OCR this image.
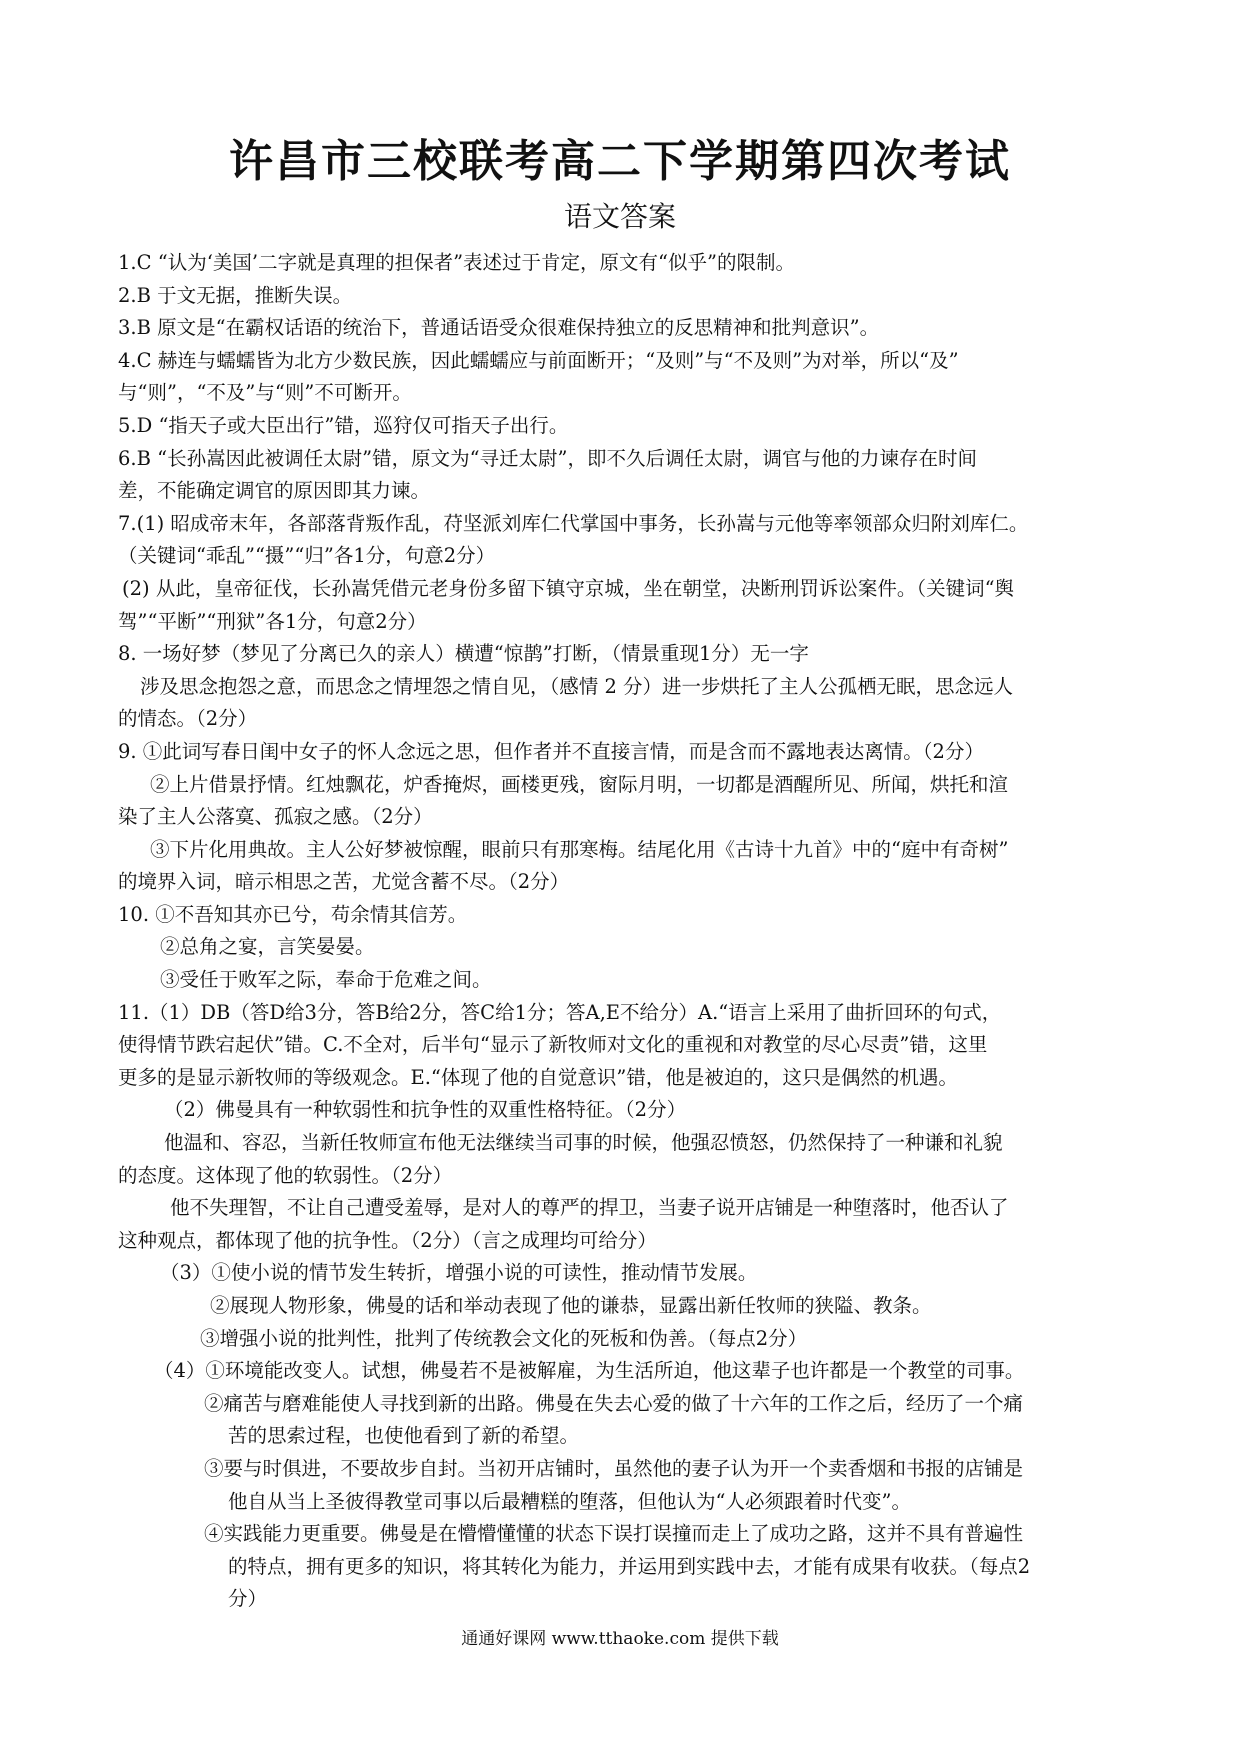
许昌市三校联考高二下学期第四次考试
语文答案
1.C “认为‘美国’二字就是真理的担保者”表述过于肯定，原文有“似乎”的限制。
2.B 于文无据，推断失误。
3.B 原文是“在霸权话语的统治下，普通话语受众很难保持独立的反思精神和批判意识”。
4.C 赫连与蠕蠕皆为北方少数民族，因此蠕蠕应与前面断开；“及则”与“不及则”为对举，所以“及”
与“则”，“不及”与“则”不可断开。
5.D “指天子或大臣出行”错，巡狩仅可指天子出行。
6.B “长孙嵩因此被调任太尉”错，原文为“寻迁太尉”，即不久后调任太尉，调官与他的力谏存在时间
差，不能确定调官的原因即其力谏。
7.(1) 昭成帝末年，各部落背叛作乱，苻坚派刘库仁代掌国中事务，长孙嵩与元他等率领部众归附刘库仁。
（关键词“乖乱”“摄”“归”各1分，句意2分）
(2) 从此，皇帝征伐，长孙嵩凭借元老身份多留下镇守京城，坐在朝堂，决断刑罚诉讼案件。（关键词“舆
驾”“平断”“刑狱”各1分，句意2分）
8. 一场好梦（梦见了分离已久的亲人）横遭“惊鹊”打断，（情景重现1分）无一字
涉及思念抱怨之意，而思念之情埋怨之情自见，（感情 2 分）进一步烘托了主人公孤栖无眠，思念远人
的情态。（2分）
9. ①此词写春日闺中女子的怀人念远之思，但作者并不直接言情，而是含而不露地表达离情。（2分）
②上片借景抒情。红烛飘花，炉香掩烬，画楼更残，窗际月明，一切都是酒醒所见、所闻，烘托和渲
染了主人公落寞、孤寂之感。（2分）
③下片化用典故。主人公好梦被惊醒，眼前只有那寒梅。结尾化用《古诗十九首》中的“庭中有奇树”
的境界入词，暗示相思之苦，尤觉含蓄不尽。（2分）
10. ①不吾知其亦已兮，苟余情其信芳。
②总角之宴，言笑晏晏。
③受任于败军之际，奉命于危难之间。
11.（1）DB（答D给3分，答B给2分，答C给1分；答A,E不给分）A.“语言上采用了曲折回环的句式，
使得情节跌宕起伏”错。C.不全对，后半句“显示了新牧师对文化的重视和对教堂的尽心尽责”错，这里
更多的是显示新牧师的等级观念。E.“体现了他的自觉意识”错，他是被迫的，这只是偶然的机遇。
（2）佛曼具有一种软弱性和抗争性的双重性格特征。（2分）
他温和、容忍，当新任牧师宣布他无法继续当司事的时候，他强忍愤怒，仍然保持了一种谦和礼貌
的态度。这体现了他的软弱性。（2分）
他不失理智，不让自己遭受羞辱，是对人的尊严的捍卫，当妻子说开店铺是一种堕落时，他否认了
这种观点，都体现了他的抗争性。（2分）（言之成理均可给分）
（3）①使小说的情节发生转折，增强小说的可读性，推动情节发展。
②展现人物形象，佛曼的话和举动表现了他的谦恭，显露出新任牧师的狭隘、教条。
③增强小说的批判性，批判了传统教会文化的死板和伪善。（每点2分）
（4）①环境能改变人。试想，佛曼若不是被解雇，为生活所迫，他这辈子也许都是一个教堂的司事。
②痛苦与磨难能使人寻找到新的出路。佛曼在失去心爱的做了十六年的工作之后，经历了一个痛
苦的思索过程，也使他看到了新的希望。
③要与时俱进，不要故步自封。当初开店铺时，虽然他的妻子认为开一个卖香烟和书报的店铺是
他自从当上圣彼得教堂司事以后最糟糕的堕落，但他认为“人必须跟着时代变”。
④实践能力更重要。佛曼是在懵懵懂懂的状态下误打误撞而走上了成功之路，这并不具有普遍性
的特点，拥有更多的知识，将其转化为能力，并运用到实践中去，才能有成果有收获。（每点2
分）
通通好课网 www.tthaoke.com 提供下载
